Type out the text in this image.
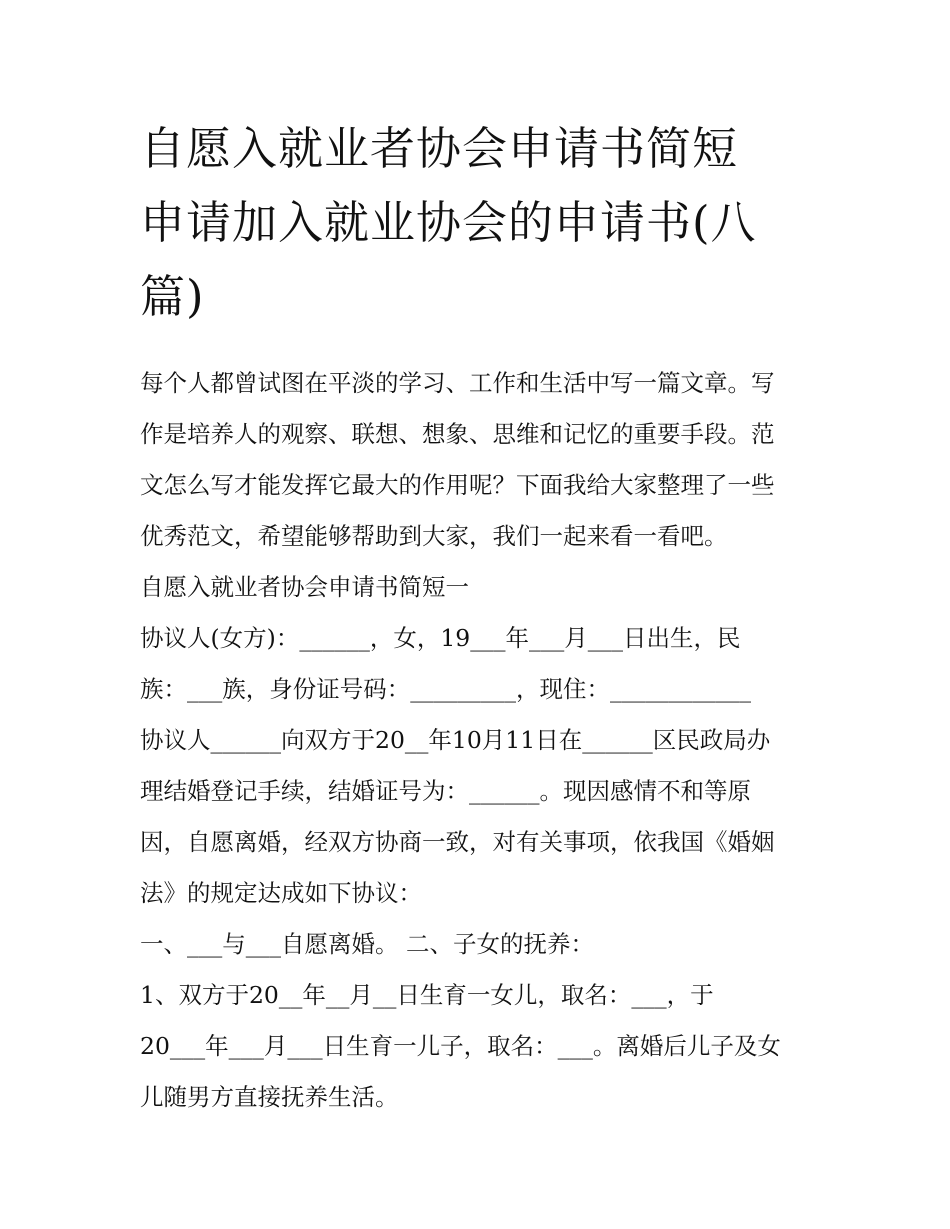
自愿入就业者协会申请书简短
申请加入就业协会的申请书(八
篇)
每个人都曾试图在平淡的学习、工作和生活中写一篇文章。写
作是培养人的观察、联想、想象、思维和记忆的重要手段。范
文怎么写才能发挥它最大的作用呢？下面我给大家整理了一些
优秀范文，希望能够帮助到大家，我们一起来看一看吧。
自愿入就业者协会申请书简短一
协议人(女方)：______，女，19___年___月___日出生，民
族：___族，身份证号码：_________，现住：____________
协议人______向双方于20__年10月11日在______区民政局办
理结婚登记手续，结婚证号为：______。现因感情不和等原
因，自愿离婚，经双方协商一致，对有关事项，依我国《婚姻
法》的规定达成如下协议：
一、___与___自愿离婚。 二、子女的抚养：
1、双方于20__年__月__日生育一女儿，取名：___，于
20___年___月___日生育一儿子，取名：___。离婚后儿子及女
儿随男方直接抚养生活。
